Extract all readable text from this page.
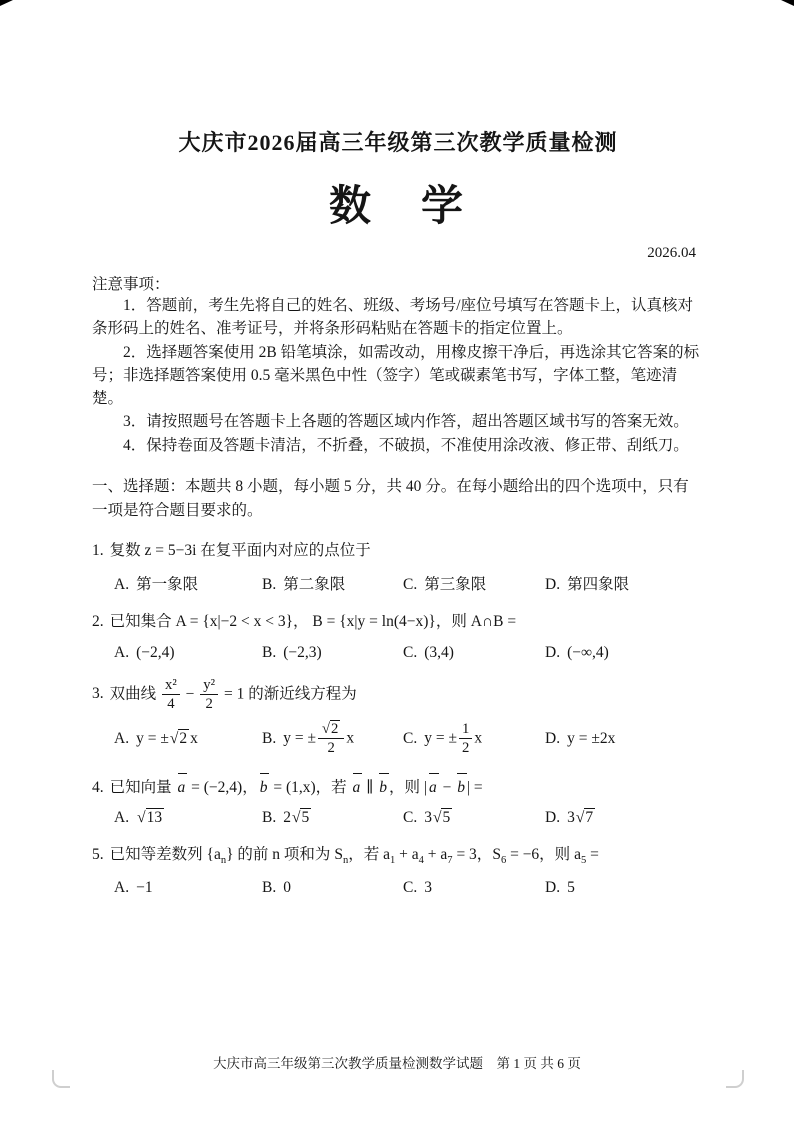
大庆市2026届高三年级第三次教学质量检测
数　学
2026.04
注意事项：

1．答题前，考生先将自己的姓名、班级、考场号/座位号填写在答题卡上，认真核对条形码上的姓名、准考证号，并将条形码粘贴在答题卡的指定位置上。

2．选择题答案使用 2B 铅笔填涂，如需改动，用橡皮擦干净后，再选涂其它答案的标号；非选择题答案使用 0.5 毫米黑色中性（签字）笔或碳素笔书写，字体工整，笔迹清楚。

3．请按照题号在答题卡上各题的答题区域内作答，超出答题区域书写的答案无效。

4．保持卷面及答题卡清洁，不折叠，不破损，不准使用涂改液、修正带、刮纸刀。

一、选择题：本题共 8 小题，每小题 5 分，共 40 分。在每小题给出的四个选项中，只有一项是符合题目要求的。
1. 复数 z = 5−3i 在复平面内对应的点位于
A. 第一象限	B. 第二象限	C. 第三象限	D. 第四象限
2. 已知集合 A = {x|−2 < x < 3}， B = {x|y = ln(4−x)}，则 A∩B =
A. (−2,4)	B. (−2,3)	C. (3,4)	D. (−∞,4)
3. 双曲线 $\frac{\text{x²}}{4} - \frac{\text{y²}}{2} = 1$ 的渐近线方程为
A. y = ±√2 x	B. y = ± $\frac{√2}{2}$ x	C. y = ± $\frac{1}{2}$ x	D. y = ±2x
4. 已知向量 a = (−2,4)， b = (1,x)，若 a ∥ b ，则 | a − b | =
A. √13	B. 2√5	C. 3√5	D. 3√7
5. 已知等差数列 $\{a_n\}$ 的前 n 项和为 $S_n$，若 $a_1 + a_4 + a_7 = 3$，$S_6 = -6$，则 $a_5$ =
A. −1	B. 0	C. 3	D. 5
大庆市高三年级第三次教学质量检测数学试题　第 1 页 共 6 页
